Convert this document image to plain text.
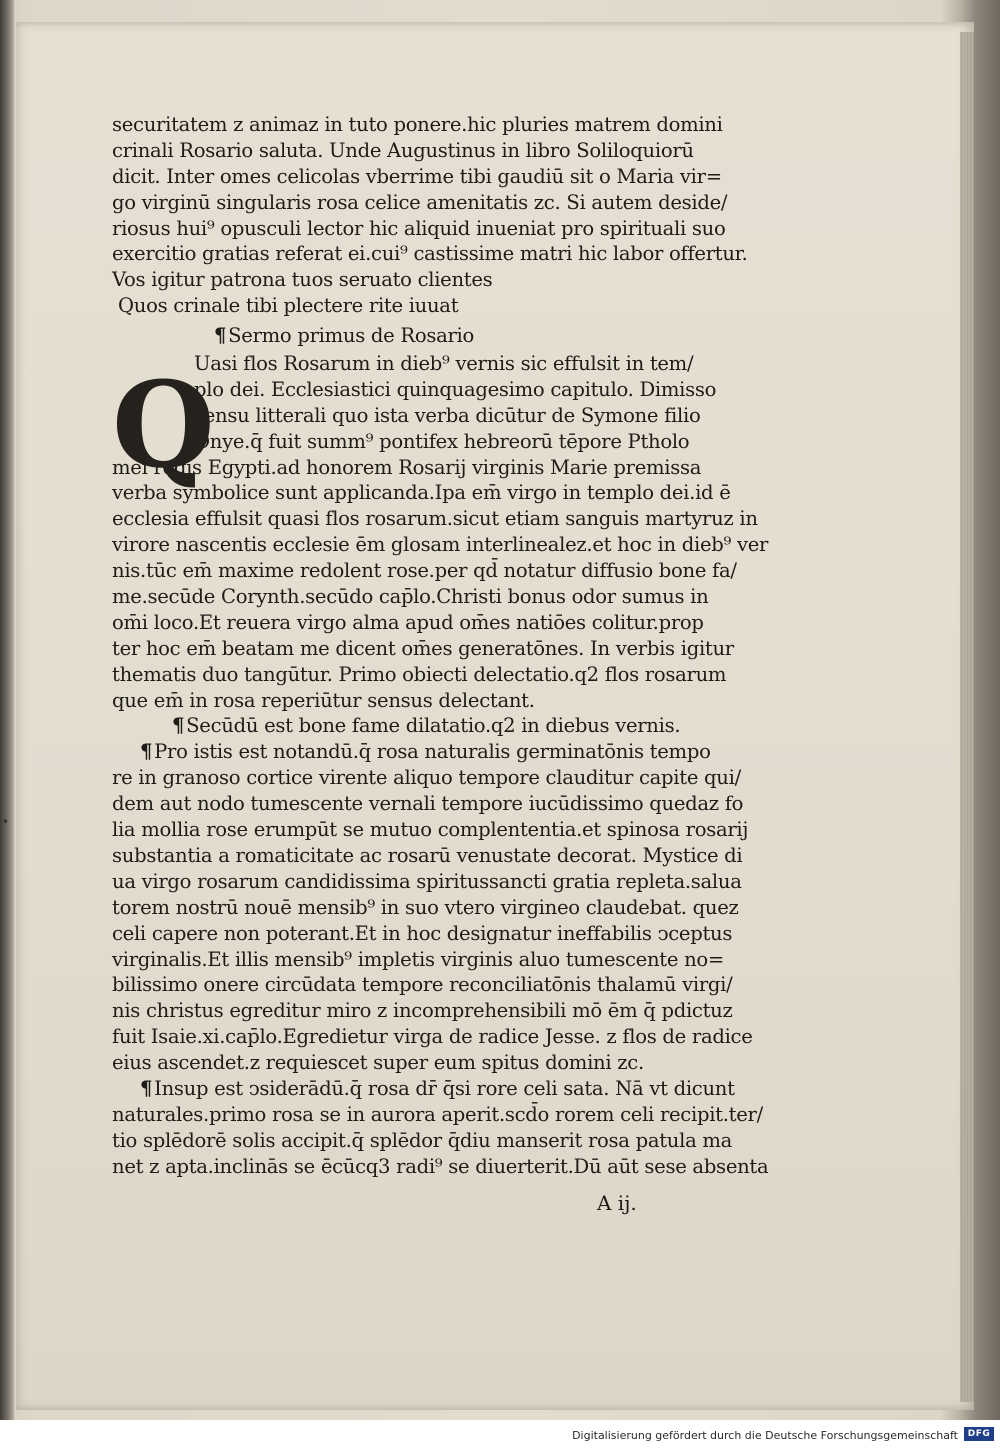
•
securitatem z animaz in tuto ponere.hic pluries matrem domini
crinali Rosario saluta. Unde Augustinus in libro Soliloquiorū
dicit. Inter omes celicolas vberrime tibi gaudiū sit o Maria vir=
go virginū singularis rosa celice amenitatis zc. Si autem deside/
riosus hui⁹ opusculi lector hic aliquid inueniat pro spirituali suo
exercitio gratias referat ei.cui⁹ castissime matri hic labor offertur.
Vos igitur patrona tuos seruato clientes
Quos crinale tibi plectere rite iuuat
¶ Sermo primus de Rosario
Q
Uasi flos Rosarum in dieb⁹ vernis sic effulsit in tem/
plo dei. Ecclesiastici quinquagesimo capitulo. Dimisso
sensu litterali quo ista verba dicūtur de Symone filio
Onye.q̄ fuit summ⁹ pontifex hebreorū tēpore Ptholo
mei regis Egypti.ad honorem Rosarij virginis Marie premissa
verba symbolice sunt applicanda.Ipa em̄ virgo in templo dei.id ē
ecclesia effulsit quasi flos rosarum.sicut etiam sanguis martyruz in
virore nascentis ecclesie ēm glosam interlinealez.et hoc in dieb⁹ ver
nis.tūc em̄ maxime redolent rose.per qd̄ notatur diffusio bone fa/
me.secūde Corynth.secūdo cap̄lo.Christi bonus odor sumus in
om̄i loco.Et reuera virgo alma apud om̄es natiōes colitur.prop
ter hoc em̄ beatam me dicent om̄es generatōnes. In verbis igitur
thematis duo tangūtur. Primo obiecti delectatio.q2 flos rosarum
que em̄ in rosa reperiūtur sensus delectant.
¶ Secūdū est bone fame dilatatio.q2 in diebus vernis.
¶ Pro istis est notandū.q̄ rosa naturalis germinatōnis tempo
re in granoso cortice virente aliquo tempore clauditur capite qui/
dem aut nodo tumescente vernali tempore iucūdissimo quedaz fo
lia mollia rose erumpūt se mutuo complententia.et spinosa rosarij
substantia a romaticitate ac rosarū venustate decorat. Mystice di
ua virgo rosarum candidissima spiritussancti gratia repleta.salua
torem nostrū nouē mensib⁹ in suo vtero virgineo claudebat. quez
celi capere non poterant.Et in hoc designatur ineffabilis ↄceptus
virginalis.Et illis mensib⁹ impletis virginis aluo tumescente no=
bilissimo onere circūdata tempore reconciliatōnis thalamū virgi/
nis christus egreditur miro z incomprehensibili mō ēm q̄ pdictuz
fuit Isaie.xi.cap̄lo.Egredietur virga de radice Jesse. z flos de radice
eius ascendet.z requiescet super eum spitus domini zc.
¶ Insup est ↄsiderādū.q̄ rosa dr̄ q̄si rore celi sata. Nā vt dicunt
naturales.primo rosa se in aurora aperit.scd̄o rorem celi recipit.ter/
tio splēdorē solis accipit.q̄ splēdor q̄diu manserit rosa patula ma
net z apta.inclinās se ēcūcq3 radi⁹ se diuerterit.Dū aūt sese absenta
A ij.
Digitalisierung gefördert durch die Deutsche Forschungsgemeinschaft	DFG
